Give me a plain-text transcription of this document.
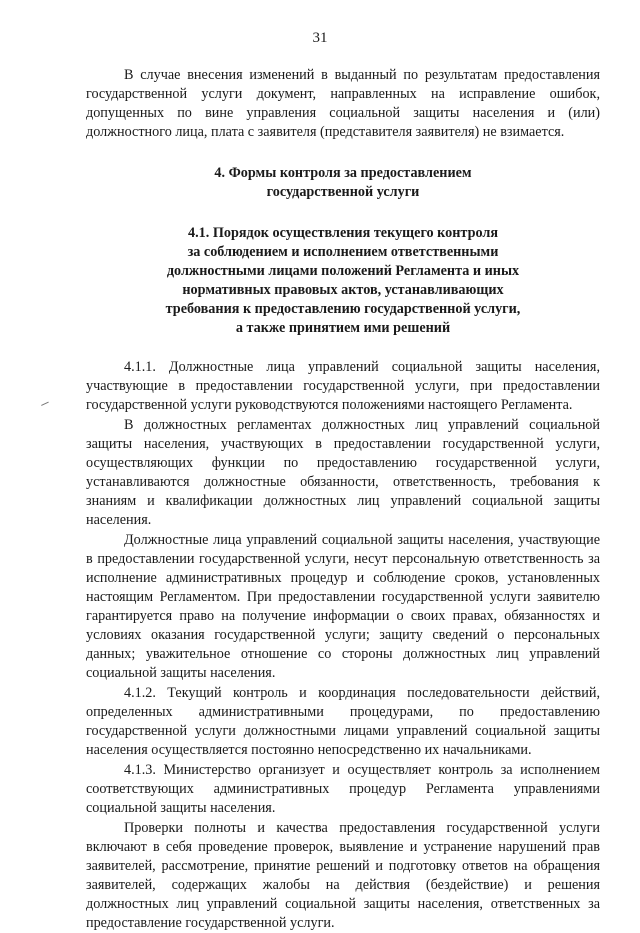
31

В случае внесения изменений в выданный по результатам предоставления государственной услуги документ, направленных на исправление ошибок, допущенных по вине управления социальной защиты населения и (или) должностного лица, плата с заявителя (представителя заявителя) не взимается.

4. Формы контроля за предоставлением
государственной услуги

4.1. Порядок осуществления текущего контроля
за соблюдением и исполнением ответственными
должностными лицами положений Регламента и иных
нормативных правовых актов, устанавливающих
требования к предоставлению государственной услуги,
а также принятием ими решений

4.1.1. Должностные лица управлений социальной защиты населения, участвующие в предоставлении государственной услуги, при предоставлении государственной услуги руководствуются положениями настоящего Регламента.

В должностных регламентах должностных лиц управлений социальной защиты населения, участвующих в предоставлении государственной услуги, осуществляющих функции по предоставлению государственной услуги, устанавливаются должностные обязанности, ответственность, требования к знаниям и квалификации должностных лиц управлений социальной защиты населения.

Должностные лица управлений социальной защиты населения, участвующие в предоставлении государственной услуги, несут персональную ответственность за исполнение административных процедур и соблюдение сроков, установленных настоящим Регламентом. При предоставлении государственной услуги заявителю гарантируется право на получение информации о своих правах, обязанностях и условиях оказания государственной услуги; защиту сведений о персональных данных; уважительное отношение со стороны должностных лиц управлений социальной защиты населения.

4.1.2. Текущий контроль и координация последовательности действий, определенных административными процедурами, по предоставлению государственной услуги должностными лицами управлений социальной защиты населения осуществляется постоянно непосредственно их начальниками.

4.1.3. Министерство организует и осуществляет контроль за исполнением соответствующих административных процедур Регламента управлениями социальной защиты населения.

Проверки полноты и качества предоставления государственной услуги включают в себя проведение проверок, выявление и устранение нарушений прав заявителей, рассмотрение, принятие решений и подготовку ответов на обращения заявителей, содержащих жалобы на действия (бездействие) и решения должностных лиц управлений социальной защиты населения, ответственных за предоставление государственной услуги.
